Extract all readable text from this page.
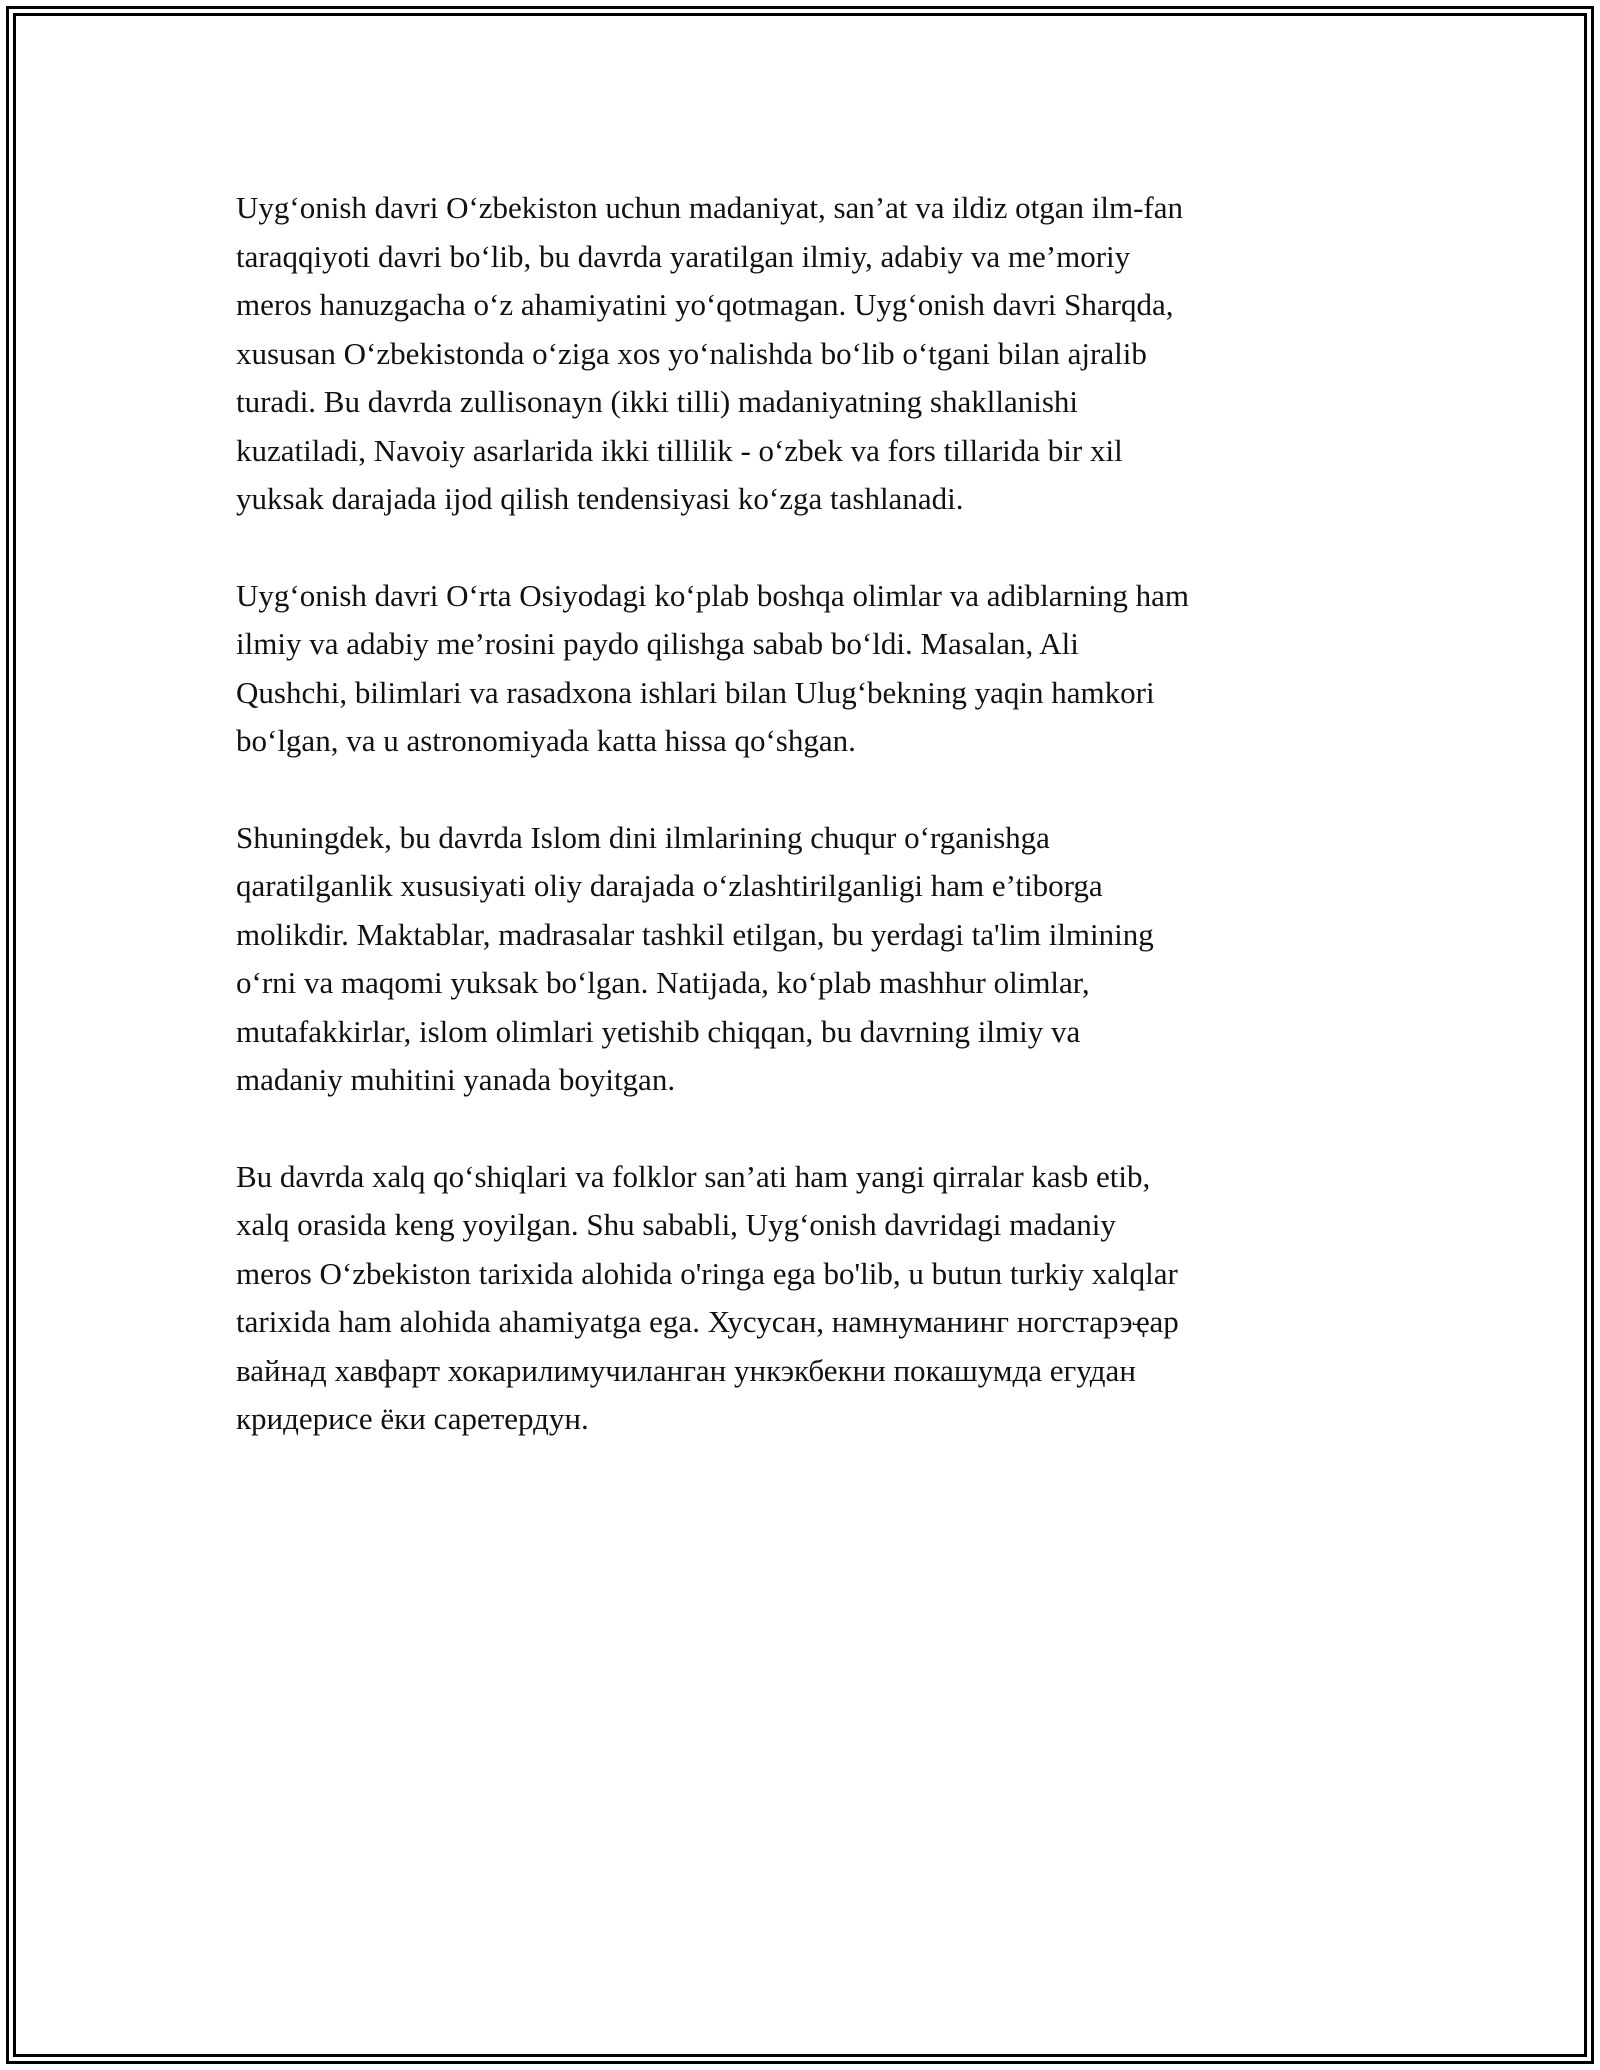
Uyg‘onish davri O‘zbekiston uchun madaniyat, san’at va ildiz otgan ilm-fan
taraqqiyoti davri bo‘lib, bu davrda yaratilgan ilmiy, adabiy va me’moriy
meros hanuzgacha o‘z ahamiyatini yo‘qotmagan. Uyg‘onish davri Sharqda,
xususan O‘zbekistonda o‘ziga xos yo‘nalishda bo‘lib o‘tgani bilan ajralib
turadi. Bu davrda zullisonayn (ikki tilli) madaniyatning shakllanishi
kuzatiladi, Navoiy asarlarida ikki tillilik - o‘zbek va fors tillarida bir xil
yuksak darajada ijod qilish tendensiyasi ko‘zga tashlanadi.

Uyg‘onish davri O‘rta Osiyodagi ko‘plab boshqa olimlar va adiblarning ham
ilmiy va adabiy me’rosini paydo qilishga sabab bo‘ldi. Masalan, Ali
Qushchi, bilimlari va rasadxona ishlari bilan Ulug‘bekning yaqin hamkori
bo‘lgan, va u astronomiyada katta hissa qo‘shgan.

Shuningdek, bu davrda Islom dini ilmlarining chuqur o‘rganishga
qaratilganlik xususiyati oliy darajada o‘zlashtirilganligi ham e’tiborga
molikdir. Maktablar, madrasalar tashkil etilgan, bu yerdagi ta'lim ilmining
o‘rni va maqomi yuksak bo‘lgan. Natijada, ko‘plab mashhur olimlar,
mutafakkirlar, islom olimlari yetishib chiqqan, bu davrning ilmiy va
madaniy muhitini yanada boyitgan.

Bu davrda xalq qo‘shiqlari va folklor san’ati ham yangi qirralar kasb etib,
xalq orasida keng yoyilgan. Shu sababli, Uyg‘onish davridagi madaniy
meros O‘zbekiston tarixida alohida o'ringa ega bo'lib, u butun turkiy xalqlar
tarixida ham alohida ahamiyatga ega. Хусусан, намнуманинг ногстарэҿар
вайнад хавфарт хокарилимучиланган ункэкбекни покашумда егудан
кридерисе ёки саретердун.
